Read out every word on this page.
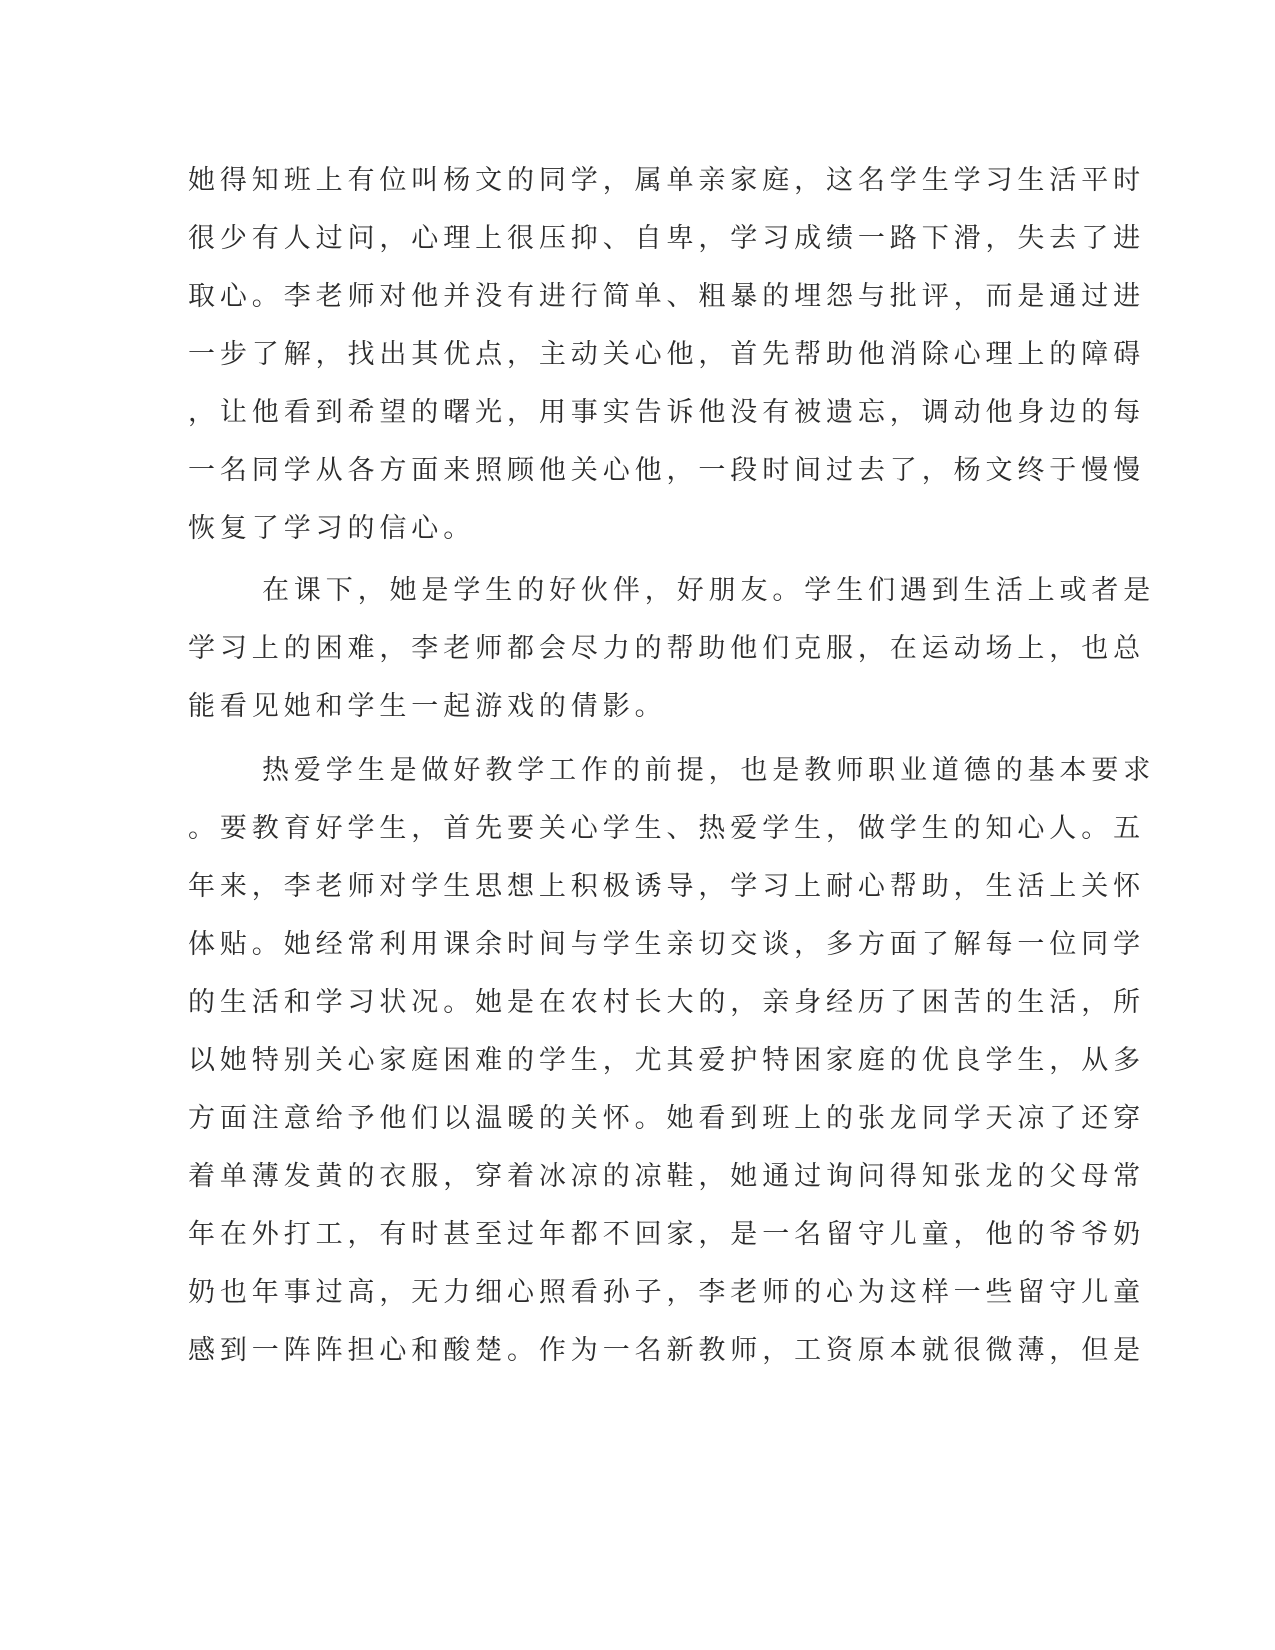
她得知班上有位叫杨文的同学，属单亲家庭，这名学生学习生活平时
很少有人过问，心理上很压抑、自卑，学习成绩一路下滑，失去了进
取心。李老师对他并没有进行简单、粗暴的埋怨与批评，而是通过进
一步了解，找出其优点，主动关心他，首先帮助他消除心理上的障碍
，让他看到希望的曙光，用事实告诉他没有被遗忘，调动他身边的每
一名同学从各方面来照顾他关心他，一段时间过去了，杨文终于慢慢
恢复了学习的信心。
在课下，她是学生的好伙伴，好朋友。学生们遇到生活上或者是
学习上的困难，李老师都会尽力的帮助他们克服，在运动场上，也总
能看见她和学生一起游戏的倩影。
热爱学生是做好教学工作的前提，也是教师职业道德的基本要求
。要教育好学生，首先要关心学生、热爱学生，做学生的知心人。五
年来，李老师对学生思想上积极诱导，学习上耐心帮助，生活上关怀
体贴。她经常利用课余时间与学生亲切交谈，多方面了解每一位同学
的生活和学习状况。她是在农村长大的，亲身经历了困苦的生活，所
以她特别关心家庭困难的学生，尤其爱护特困家庭的优良学生，从多
方面注意给予他们以温暖的关怀。她看到班上的张龙同学天凉了还穿
着单薄发黄的衣服，穿着冰凉的凉鞋，她通过询问得知张龙的父母常
年在外打工，有时甚至过年都不回家，是一名留守儿童，他的爷爷奶
奶也年事过高，无力细心照看孙子，李老师的心为这样一些留守儿童
感到一阵阵担心和酸楚。作为一名新教师，工资原本就很微薄，但是
